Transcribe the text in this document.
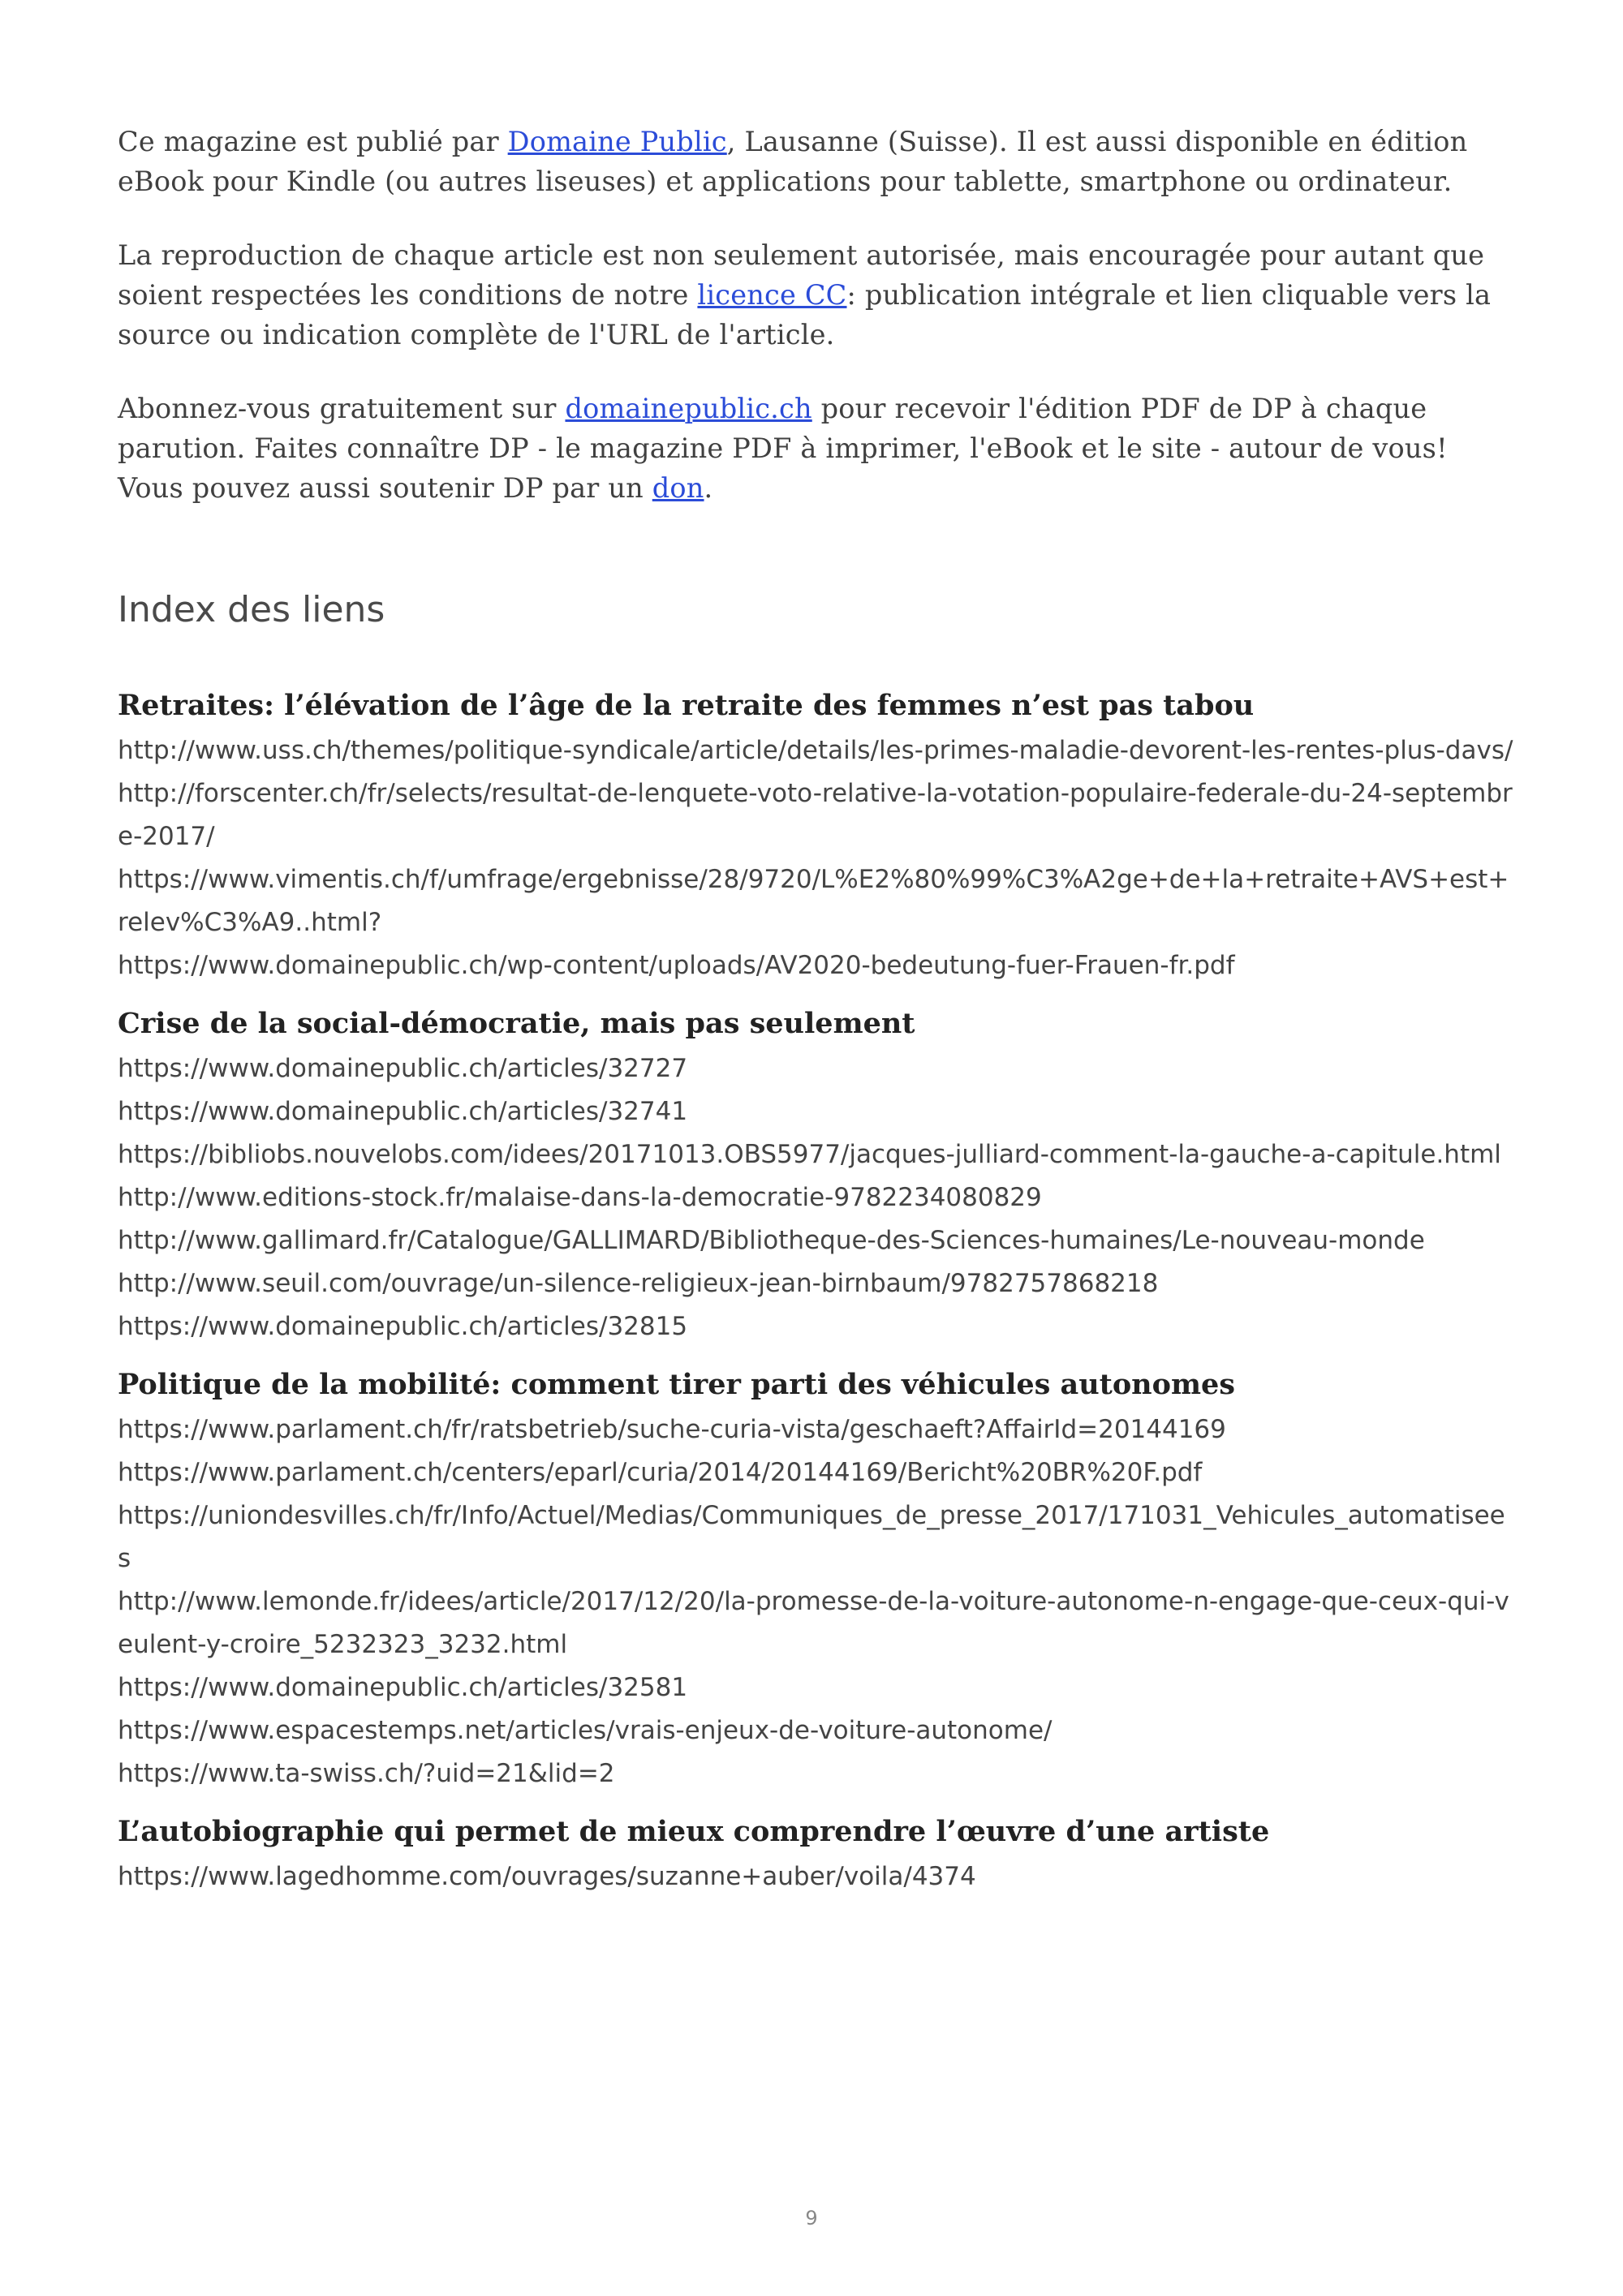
Ce magazine est publié par Domaine Public, Lausanne (Suisse). Il est aussi disponible en édition eBook pour Kindle (ou autres liseuses) et applications pour tablette, smartphone ou ordinateur.

La reproduction de chaque article est non seulement autorisée, mais encouragée pour autant que soient respectées les conditions de notre licence CC: publication intégrale et lien cliquable vers la source ou indication complète de l'URL de l'article.

Abonnez-vous gratuitement sur domainepublic.ch pour recevoir l'édition PDF de DP à chaque parution. Faites connaître DP - le magazine PDF à imprimer, l'eBook et le site - autour de vous! Vous pouvez aussi soutenir DP par un don.

Index des liens
Retraites: l’élévation de l’âge de la retraite des femmes n’est pas tabou
http://www.uss.ch/themes/politique-syndicale/article/details/les-primes-maladie-devorent-les-rentes-plus-davs/
http://forscenter.ch/fr/selects/resultat-de-lenquete-voto-relative-la-votation-populaire-federale-du-24-septembre-2017/
https://www.vimentis.ch/f/umfrage/ergebnisse/28/9720/L%E2%80%99%C3%A2ge+de+la+retraite+AVS+est+relev%C3%A9..html?
https://www.domainepublic.ch/wp-content/uploads/AV2020-bedeutung-fuer-Frauen-fr.pdf
Crise de la social-démocratie, mais pas seulement
https://www.domainepublic.ch/articles/32727
https://www.domainepublic.ch/articles/32741
https://bibliobs.nouvelobs.com/idees/20171013.OBS5977/jacques-julliard-comment-la-gauche-a-capitule.html
http://www.editions-stock.fr/malaise-dans-la-democratie-9782234080829
http://www.gallimard.fr/Catalogue/GALLIMARD/Bibliotheque-des-Sciences-humaines/Le-nouveau-monde
http://www.seuil.com/ouvrage/un-silence-religieux-jean-birnbaum/9782757868218
https://www.domainepublic.ch/articles/32815
Politique de la mobilité: comment tirer parti des véhicules autonomes
https://www.parlament.ch/fr/ratsbetrieb/suche-curia-vista/geschaeft?AffairId=20144169
https://www.parlament.ch/centers/eparl/curia/2014/20144169/Bericht%20BR%20F.pdf
https://uniondesvilles.ch/fr/Info/Actuel/Medias/Communiques_de_presse_2017/171031_Vehicules_automatisees
http://www.lemonde.fr/idees/article/2017/12/20/la-promesse-de-la-voiture-autonome-n-engage-que-ceux-qui-veulent-y-croire_5232323_3232.html
https://www.domainepublic.ch/articles/32581
https://www.espacestemps.net/articles/vrais-enjeux-de-voiture-autonome/
https://www.ta-swiss.ch/?uid=21&lid=2
L’autobiographie qui permet de mieux comprendre l’œuvre d’une artiste
https://www.lagedhomme.com/ouvrages/suzanne+auber/voila/4374
9
